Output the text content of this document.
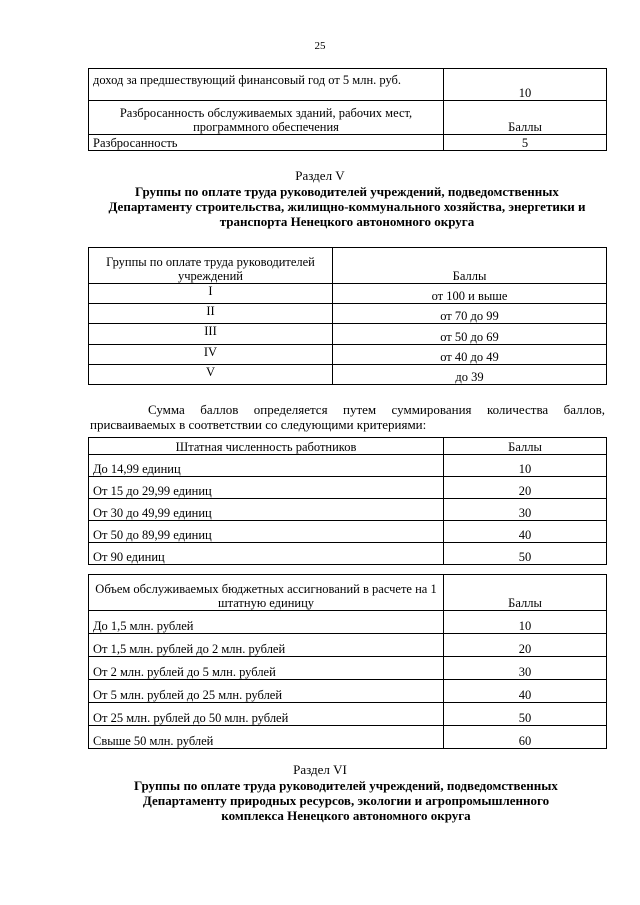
25
доход за предшествующий финансовый год от 5 млн. руб.	10
Разбросанность обслуживаемых зданий, рабочих мест, программного обеспечения	Баллы
Разбросанность	5
Раздел V
Группы по оплате труда руководителей учреждений, подведомственных Департаменту строительства, жилищно-коммунального хозяйства, энергетики и транспорта Ненецкого автономного округа
Группы по оплате труда руководителей учреждений	Баллы
I	от 100 и выше
II	от 70 до 99
III	от 50 до 69
IV	от 40 до 49
V	до 39
Сумма баллов определяется путем суммирования количества баллов, присваиваемых в соответствии со следующими критериями:
Штатная численность работников	Баллы
До 14,99 единиц	10
От 15 до 29,99 единиц	20
От 30 до 49,99 единиц	30
От 50 до 89,99 единиц	40
От 90 единиц	50
Объем обслуживаемых бюджетных ассигнований в расчете на 1 штатную единицу	Баллы
До 1,5 млн. рублей	10
От 1,5 млн. рублей до 2 млн. рублей	20
От 2 млн. рублей до 5 млн. рублей	30
От 5 млн. рублей до 25 млн. рублей	40
От 25 млн. рублей до 50 млн. рублей	50
Свыше 50 млн. рублей	60
Раздел VI
Группы по оплате труда руководителей учреждений, подведомственных Департаменту природных ресурсов, экологии и агропромышленного комплекса Ненецкого автономного округа
